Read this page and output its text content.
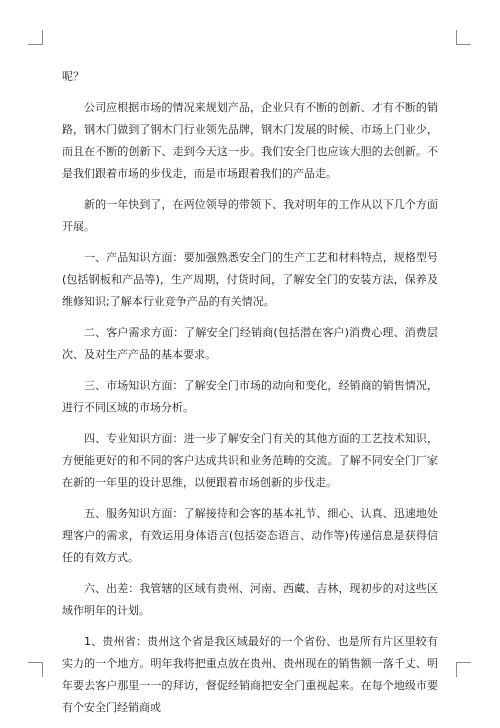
呢？

公司应根据市场的情况来规划产品，企业只有不断的创新、才有不断的销路，钢木门做到了钢木门行业领先品牌，钢木门发展的时候、市场上门业少，而且在不断的创新下、走到今天这一步。我们安全门也应该大胆的去创新。不是我们跟着市场的步伐走，而是市场跟着我们的产品走。

新的一年快到了，在两位领导的带领下、我对明年的工作从以下几个方面开展。

一、产品知识方面：要加强熟悉安全门的生产工艺和材料特点，规格型号(包括钢板和产品等)，生产周期，付货时间，了解安全门的安装方法，保养及维修知识;了解本行业竞争产品的有关情况。

二、客户需求方面：了解安全门经销商(包括潜在客户)消费心理、消费层次、及对生产产品的基本要求。

三、市场知识方面：了解安全门市场的动向和变化，经销商的销售情况，进行不同区域的市场分析。

四、专业知识方面：进一步了解安全门有关的其他方面的工艺技术知识，方便能更好的和不同的客户达成共识和业务范畴的交流。了解不同安全门厂家在新的一年里的设计思维，以便跟着市场创新的步伐走。

五、服务知识方面：了解接待和会客的基本礼节、细心、认真、迅速地处理客户的需求，有效运用身体语言(包括姿态语言、动作等)传递信息是获得信任的有效方式。

六、出差：我管辖的区域有贵州、河南、西藏、吉林，现初步的对这些区域作明年的计划。

1、贵州省：贵州这个省是我区域最好的一个省份、也是所有片区里较有实力的一个地方。明年我将把重点放在贵州、贵州现在的销售额一落千丈、明年要去客户那里一一的拜访，督促经销商把安全门重视起来。在每个地级市要有个安全门经销商或
